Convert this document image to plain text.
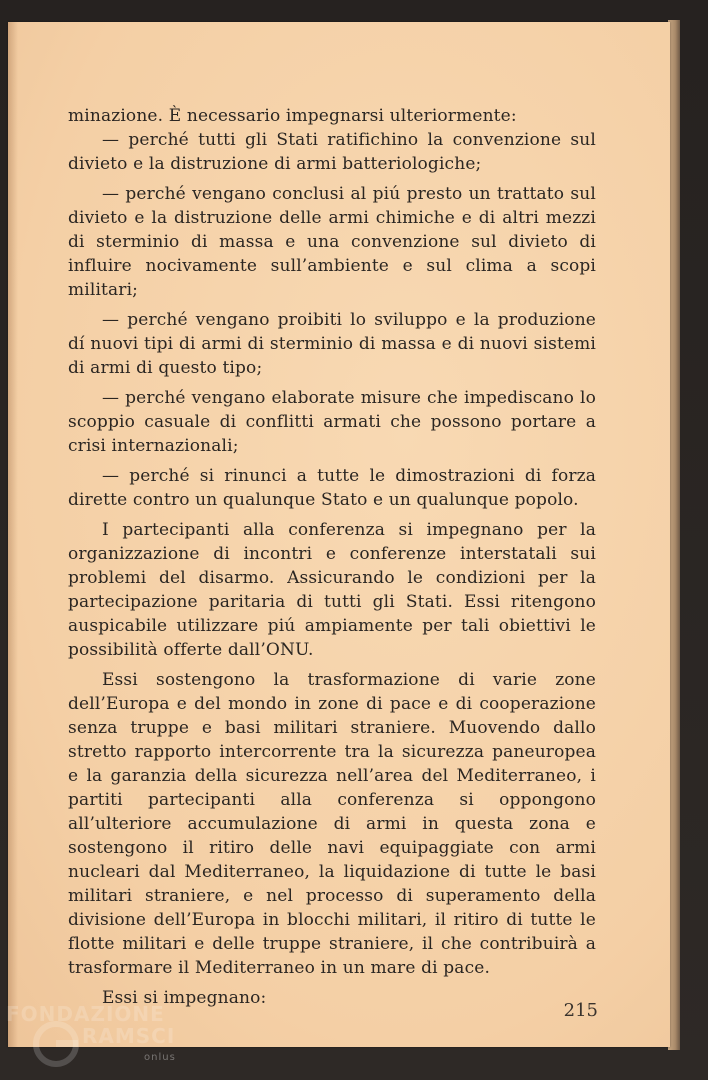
minazione. È necessario impegnarsi ulteriormente:

— perché tutti gli Stati ratifichino la convenzione sul divieto e la distruzione di armi batteriologiche;

— perché vengano conclusi al piú presto un trattato sul divieto e la distruzione delle armi chimiche e di altri mezzi di sterminio di massa e una convenzione sul divieto di influire nocivamente sull’ambiente e sul clima a scopi militari;

— perché vengano proibiti lo sviluppo e la produzione dí nuovi tipi di armi di sterminio di massa e di nuovi sistemi di armi di questo tipo;

— perché vengano elaborate misure che impediscano lo scoppio casuale di conflitti armati che possono portare a crisi internazionali;

— perché si rinunci a tutte le dimostrazioni di forza dirette contro un qualunque Stato e un qualunque popolo.

I partecipanti alla conferenza si impegnano per la organizzazione di incontri e conferenze interstatali sui problemi del disarmo. Assicurando le condizioni per la partecipazione paritaria di tutti gli Stati. Essi ritengono auspicabile utilizzare piú ampiamente per tali obiettivi le possibilità offerte dall’ONU.

Essi sostengono la trasformazione di varie zone dell’Europa e del mondo in zone di pace e di cooperazione senza truppe e basi militari straniere. Muovendo dallo stretto rapporto intercorrente tra la sicurezza paneuropea e la garanzia della sicurezza nell’area del Mediterraneo, i partiti partecipanti alla conferenza si oppongono all’ulteriore accumulazione di armi in questa zona e sostengono il ritiro delle navi equipaggiate con armi nucleari dal Mediterraneo, la liquidazione di tutte le basi militari straniere, e nel processo di superamento della divisione dell’Europa in blocchi militari, il ritiro di tutte le flotte militari e delle truppe straniere, il che contribuirà a trasformare il Mediterraneo in un mare di pace.

Essi si impegnano:

215
onlus
